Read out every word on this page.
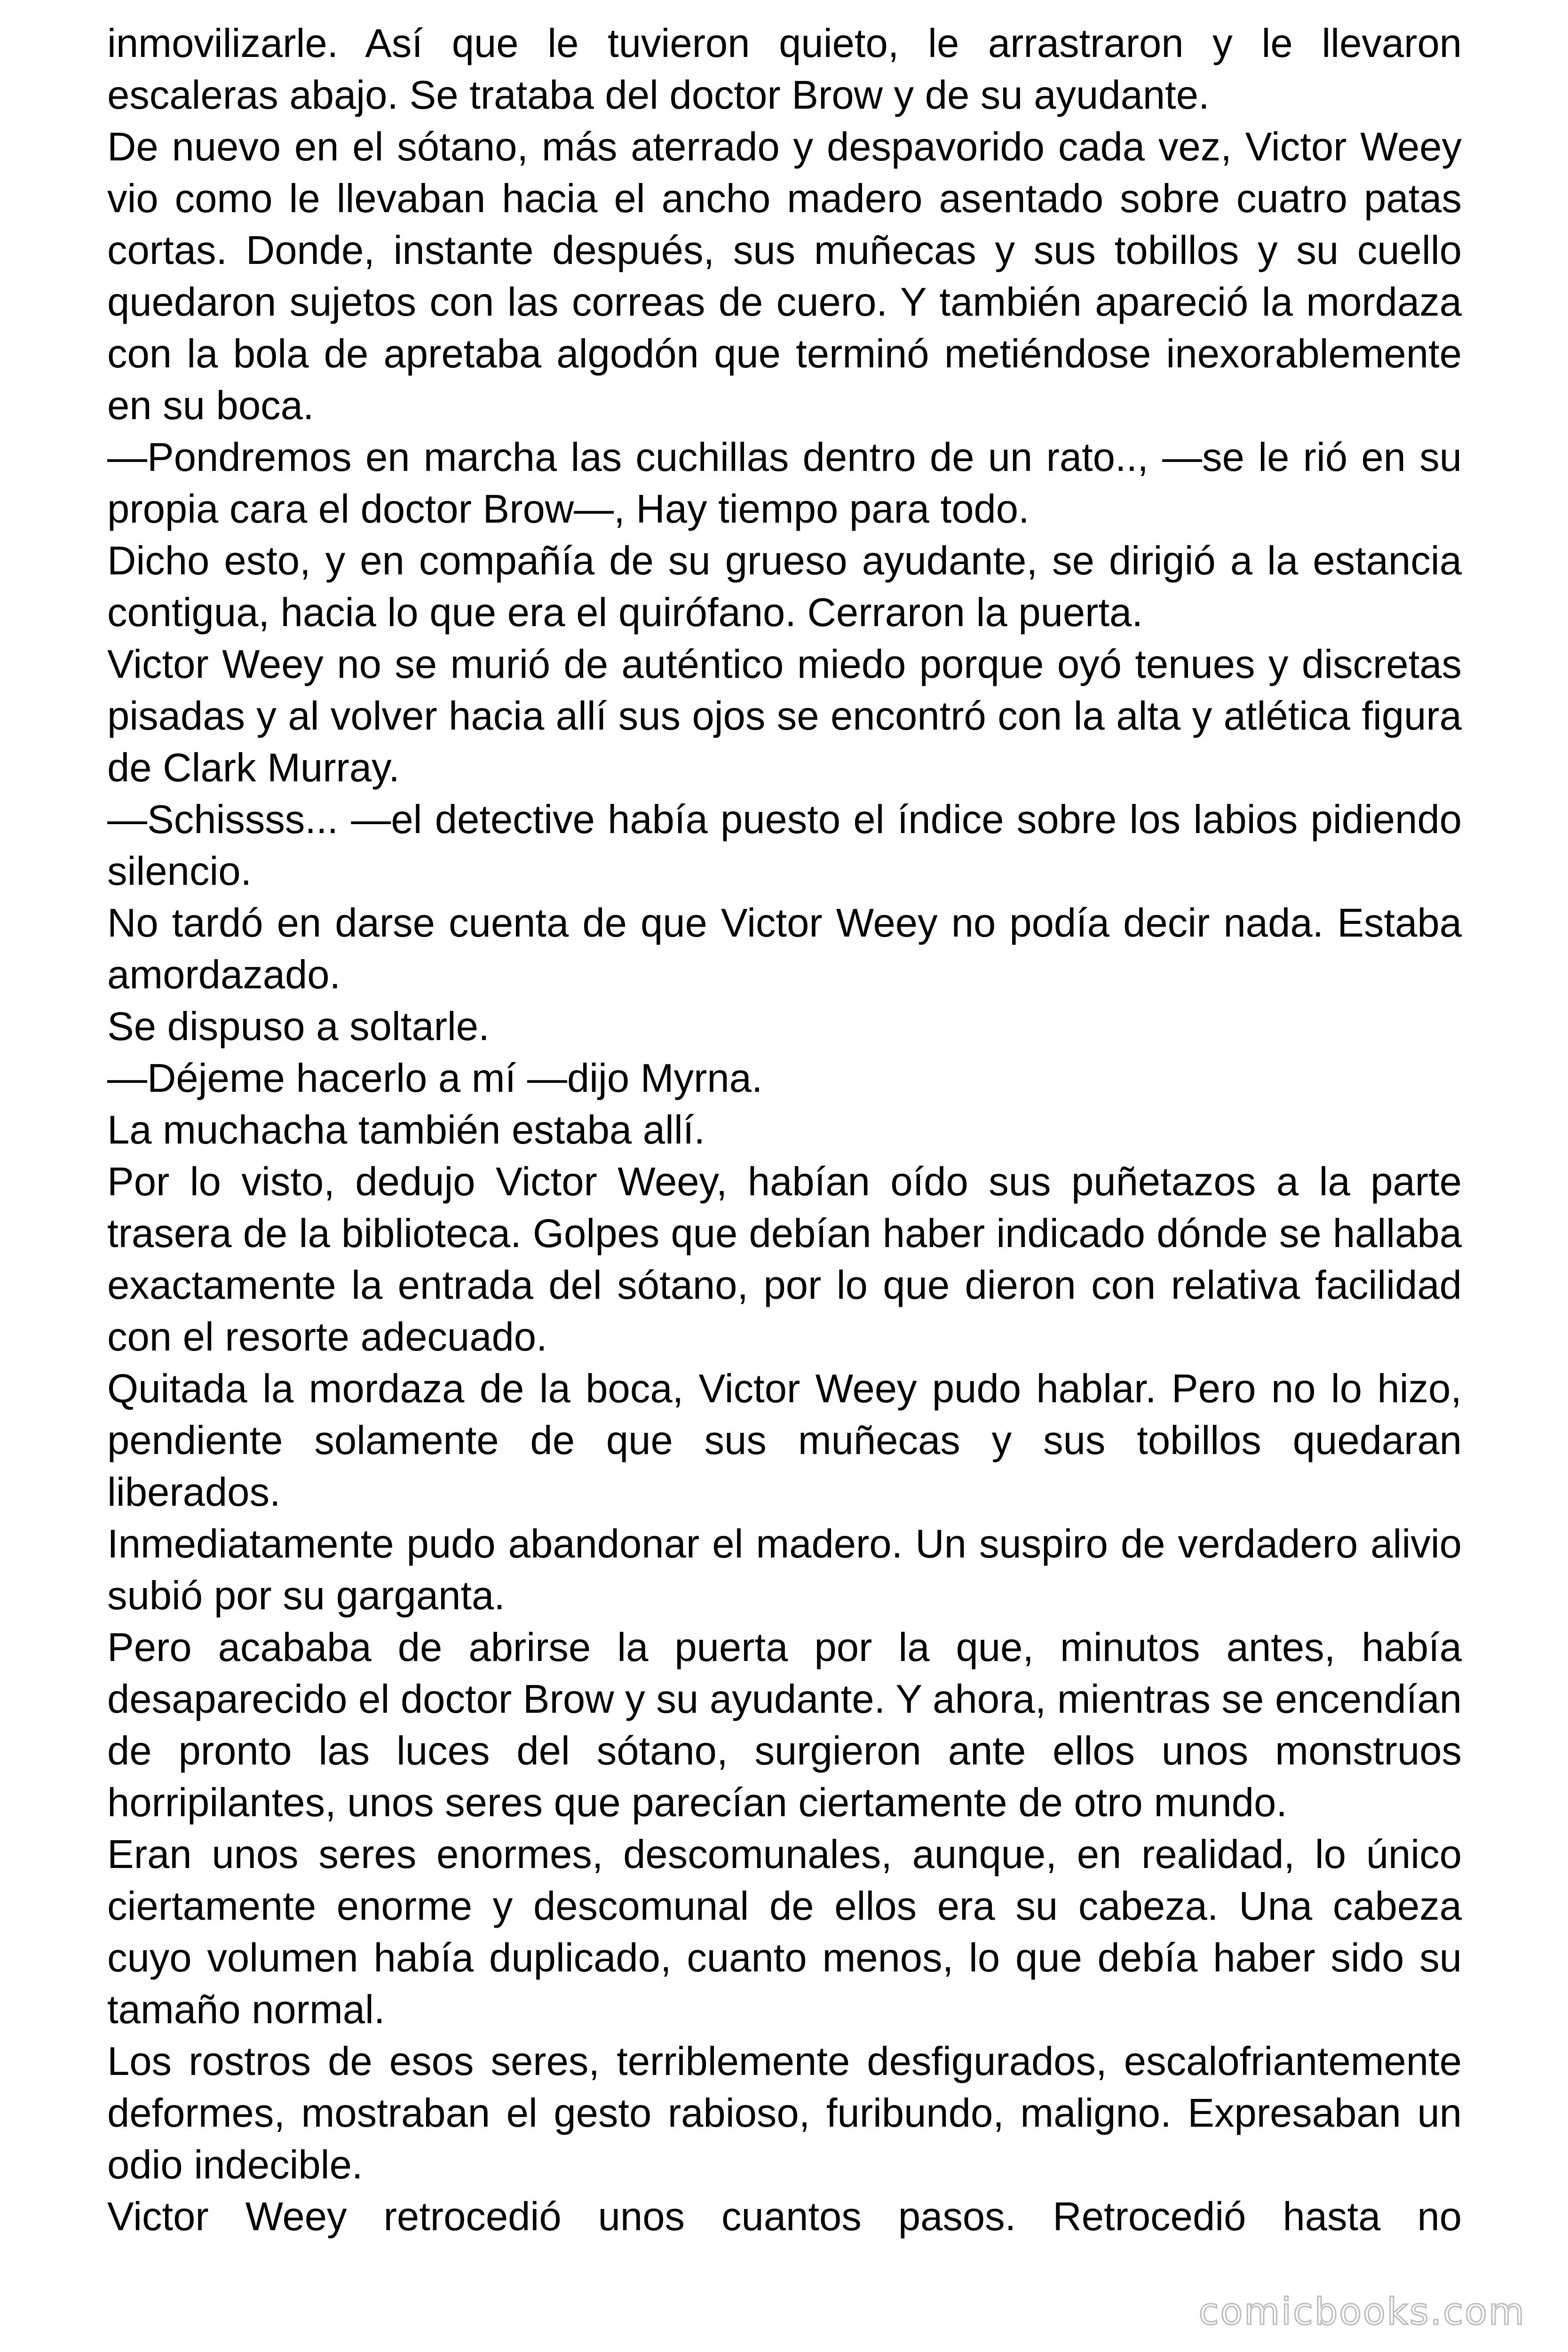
inmovilizarle. Así que le tuvieron quieto, le arrastraron y le llevaron escaleras abajo. Se trataba del doctor Brow y de su ayudante.

De nuevo en el sótano, más aterrado y despavorido cada vez, Victor Weey vio como le llevaban hacia el ancho madero asentado sobre cuatro patas cortas. Donde, instante después, sus muñecas y sus tobillos y su cuello quedaron sujetos con las correas de cuero. Y también apareció la mordaza con la bola de apretaba algodón que terminó metiéndose inexorablemente en su boca.

—Pondremos en marcha las cuchillas dentro de un rato.., —se le rió en su propia cara el doctor Brow—, Hay tiempo para todo.

Dicho esto, y en compañía de su grueso ayudante, se dirigió a la estancia contigua, hacia lo que era el quirófano. Cerraron la puerta.

Victor Weey no se murió de auténtico miedo porque oyó tenues y discretas pisadas y al volver hacia allí sus ojos se encontró con la alta y atlética figura de Clark Murray.

—Schissss... —el detective había puesto el índice sobre los labios pidiendo silencio.

No tardó en darse cuenta de que Victor Weey no podía decir nada. Estaba amordazado.

Se dispuso a soltarle.

—Déjeme hacerlo a mí —dijo Myrna.

La muchacha también estaba allí.

Por lo visto, dedujo Victor Weey, habían oído sus puñetazos a la parte trasera de la biblioteca. Golpes que debían haber indicado dónde se hallaba exactamente la entrada del sótano, por lo que dieron con relativa facilidad con el resorte adecuado.

Quitada la mordaza de la boca, Victor Weey pudo hablar. Pero no lo hizo, pendiente solamente de que sus muñecas y sus tobillos quedaran liberados.

Inmediatamente pudo abandonar el madero. Un suspiro de verdadero alivio subió por su garganta.

Pero acababa de abrirse la puerta por la que, minutos antes, había desaparecido el doctor Brow y su ayudante. Y ahora, mientras se encendían de pronto las luces del sótano, surgieron ante ellos unos monstruos horripilantes, unos seres que parecían ciertamente de otro mundo.

Eran unos seres enormes, descomunales, aunque, en realidad, lo único ciertamente enorme y descomunal de ellos era su cabeza. Una cabeza cuyo volumen había duplicado, cuanto menos, lo que debía haber sido su tamaño normal.

Los rostros de esos seres, terriblemente desfigurados, escalofriantemente deformes, mostraban el gesto rabioso, furibundo, maligno. Expresaban un odio indecible.

Victor Weey retrocedió unos cuantos pasos. Retrocedió hasta no

comicbooks.com
